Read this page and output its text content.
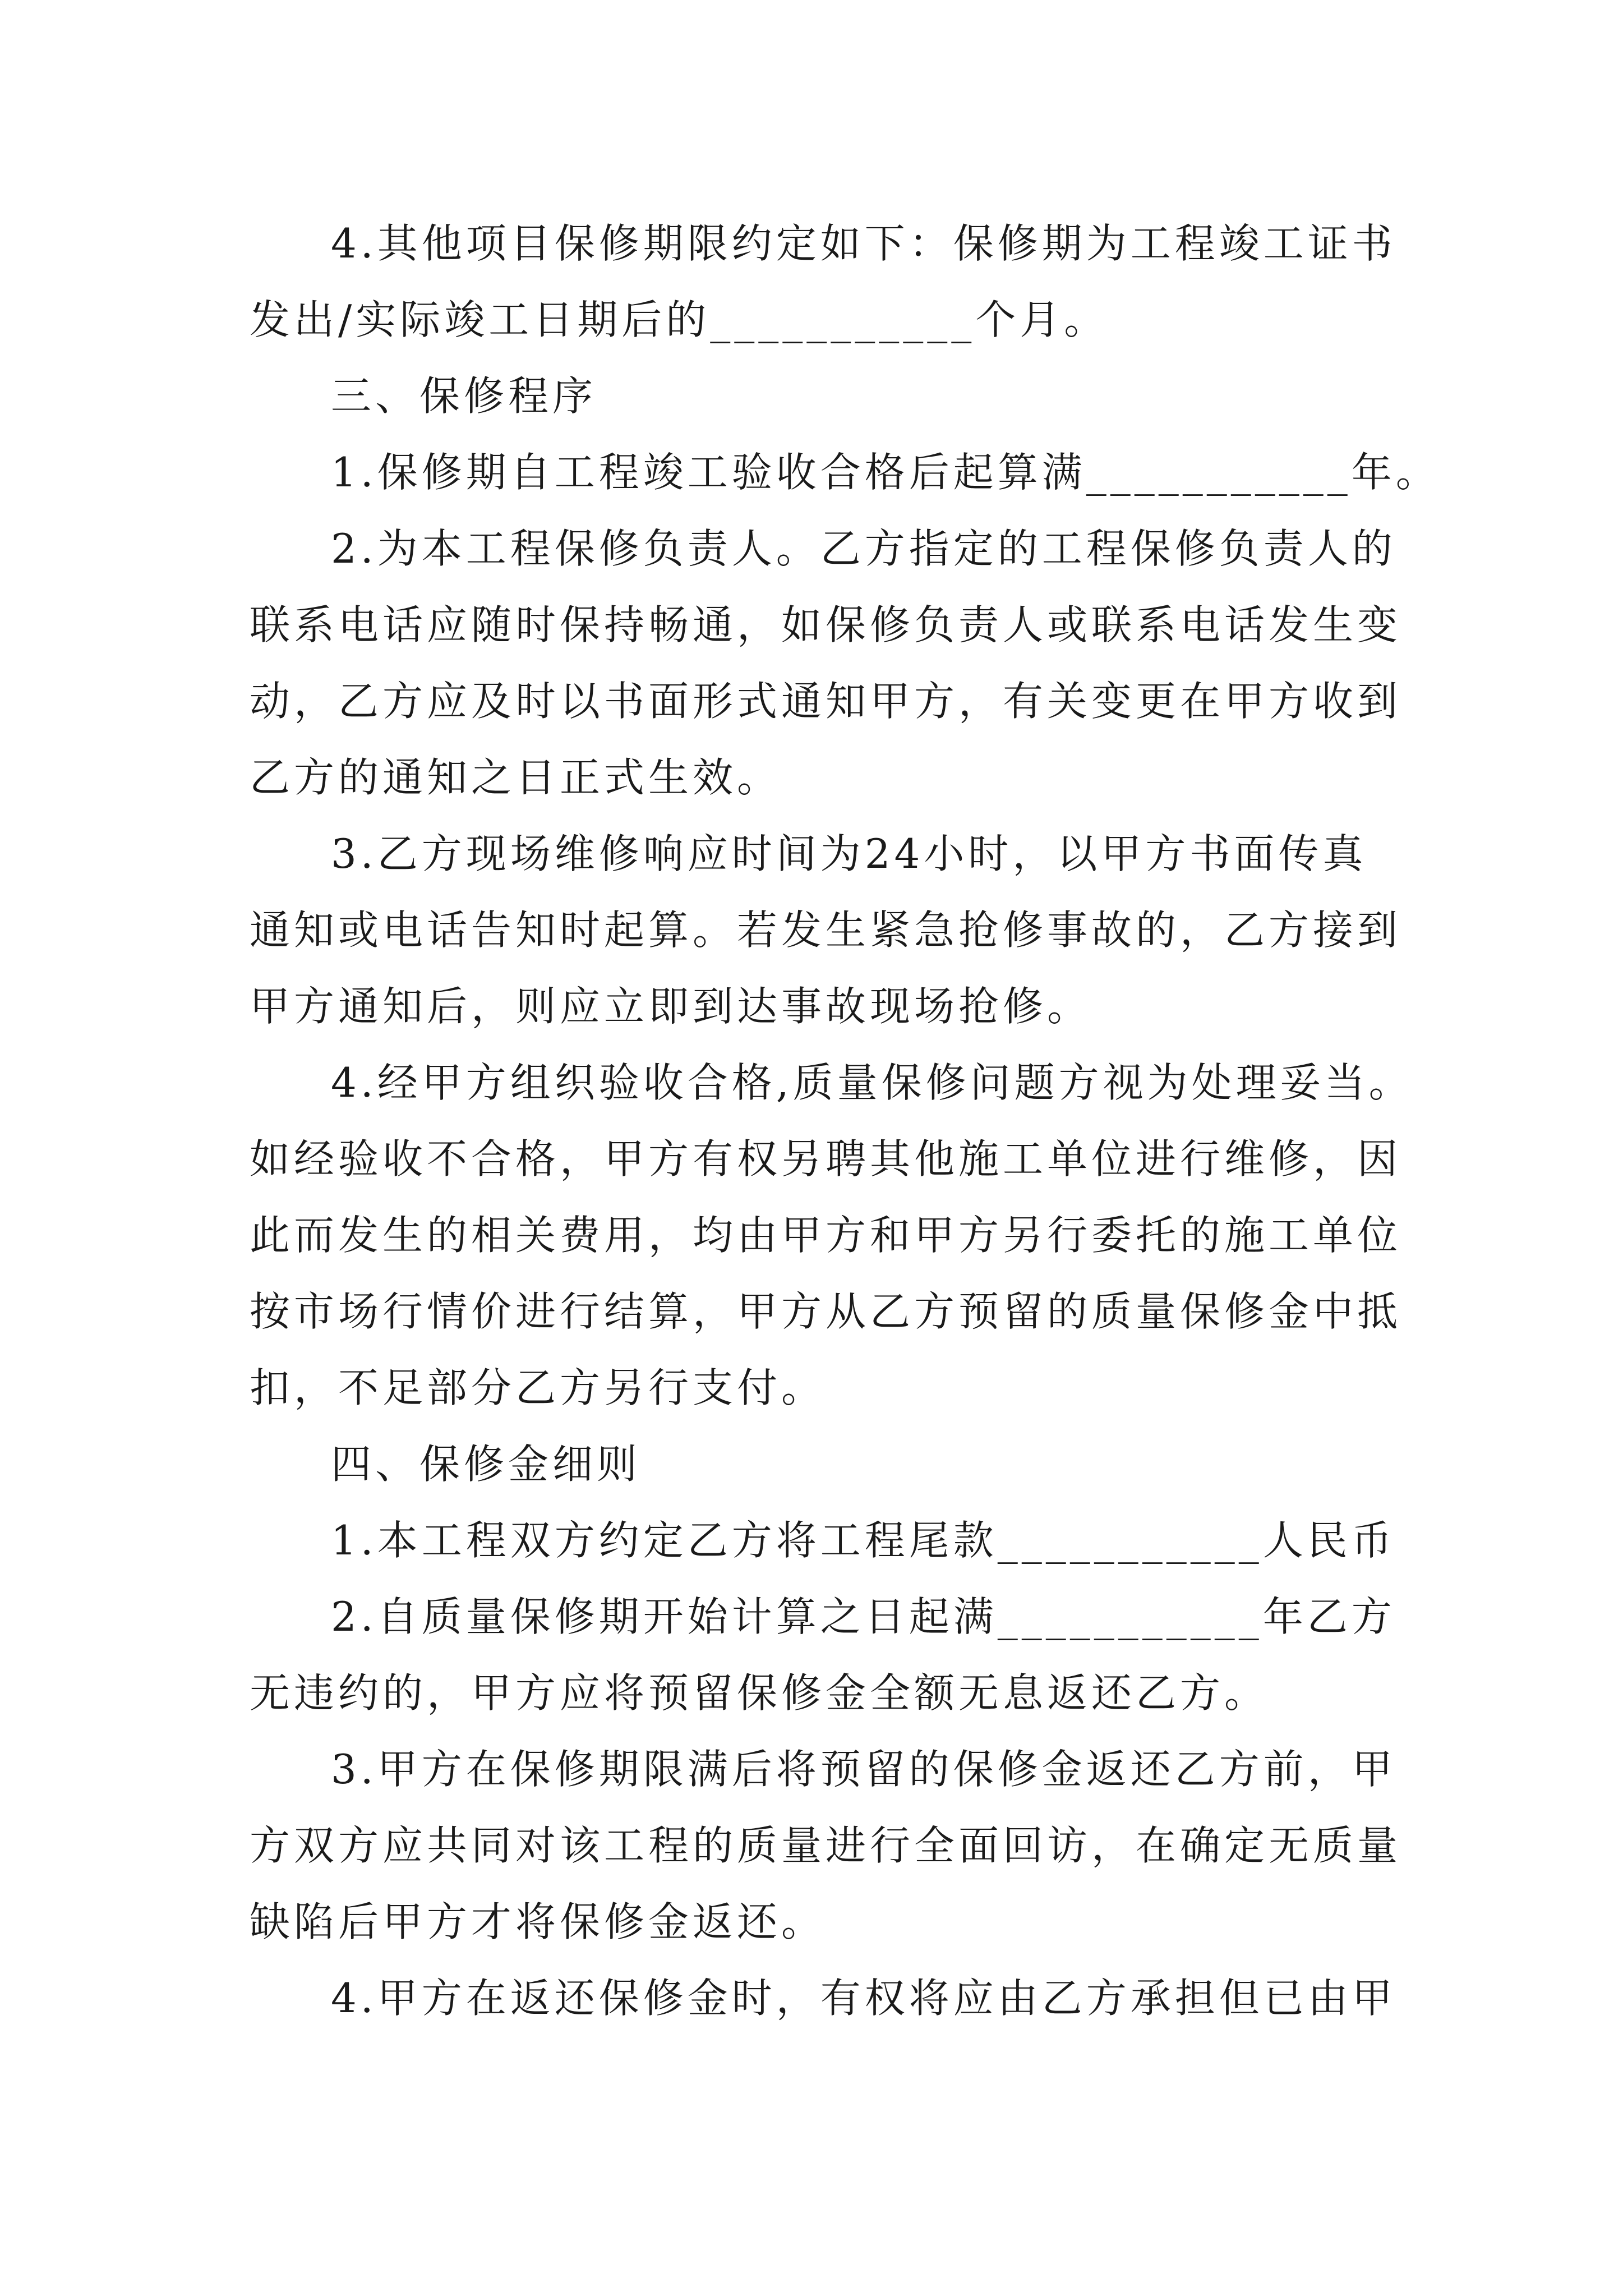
4.其他项目保修期限约定如下：保修期为工程竣工证书
发出/实际竣工日期后的___________个月。
三、保修程序
1.保修期自工程竣工验收合格后起算满___________年。
2.为本工程保修负责人。乙方指定的工程保修负责人的
联系电话应随时保持畅通，如保修负责人或联系电话发生变
动，乙方应及时以书面形式通知甲方，有关变更在甲方收到
乙方的通知之日正式生效。
3.乙方现场维修响应时间为24小时，以甲方书面传真
通知或电话告知时起算。若发生紧急抢修事故的，乙方接到
甲方通知后，则应立即到达事故现场抢修。
4.经甲方组织验收合格,质量保修问题方视为处理妥当。
如经验收不合格，甲方有权另聘其他施工单位进行维修，因
此而发生的相关费用，均由甲方和甲方另行委托的施工单位
按市场行情价进行结算，甲方从乙方预留的质量保修金中抵
扣，不足部分乙方另行支付。
四、保修金细则
1.本工程双方约定乙方将工程尾款___________人民币
2.自质量保修期开始计算之日起满___________年乙方
无违约的，甲方应将预留保修金全额无息返还乙方。
3.甲方在保修期限满后将预留的保修金返还乙方前，甲
方双方应共同对该工程的质量进行全面回访，在确定无质量
缺陷后甲方才将保修金返还。
4.甲方在返还保修金时，有权将应由乙方承担但已由甲
